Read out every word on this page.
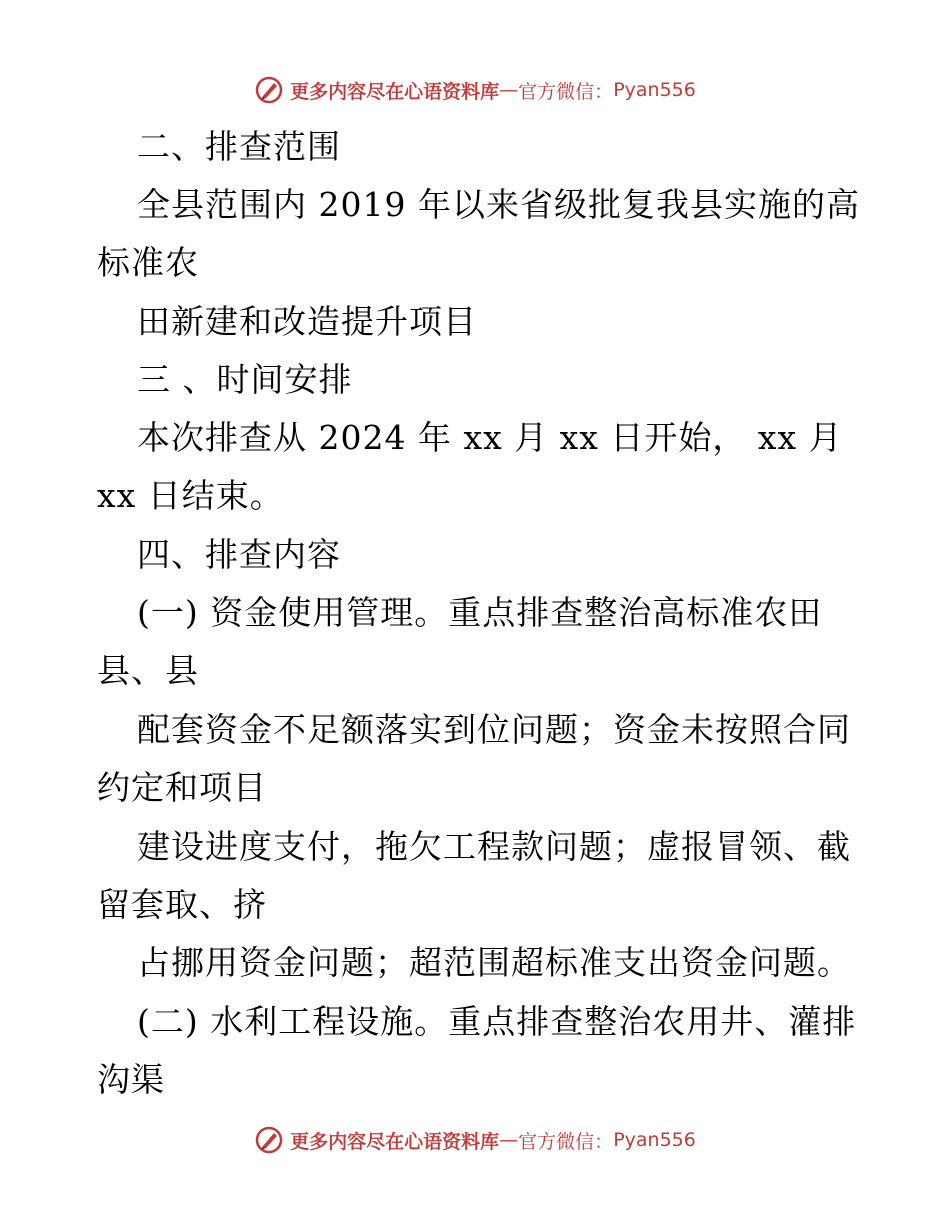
更多内容尽在心语资料库 — 官方微信： Pyan556
二、排查范围
全县范围内 2019 年以来省级批复我县实施的高
标准农
田新建和改造提升项目
三 、时间安排
本次排查从 2024 年 xx 月 xx 日开始， xx 月
xx 日结束。
四、排查内容
(一) 资金使用管理。重点排查整治高标准农田
县、县
配套资金不足额落实到位问题；资金未按照合同
约定和项目
建设进度支付，拖欠工程款问题；虚报冒领、截
留套取、挤
占挪用资金问题；超范围超标准支出资金问题。
(二) 水利工程设施。重点排查整治农用井、灌排
沟渠
更多内容尽在心语资料库 — 官方微信： Pyan556
